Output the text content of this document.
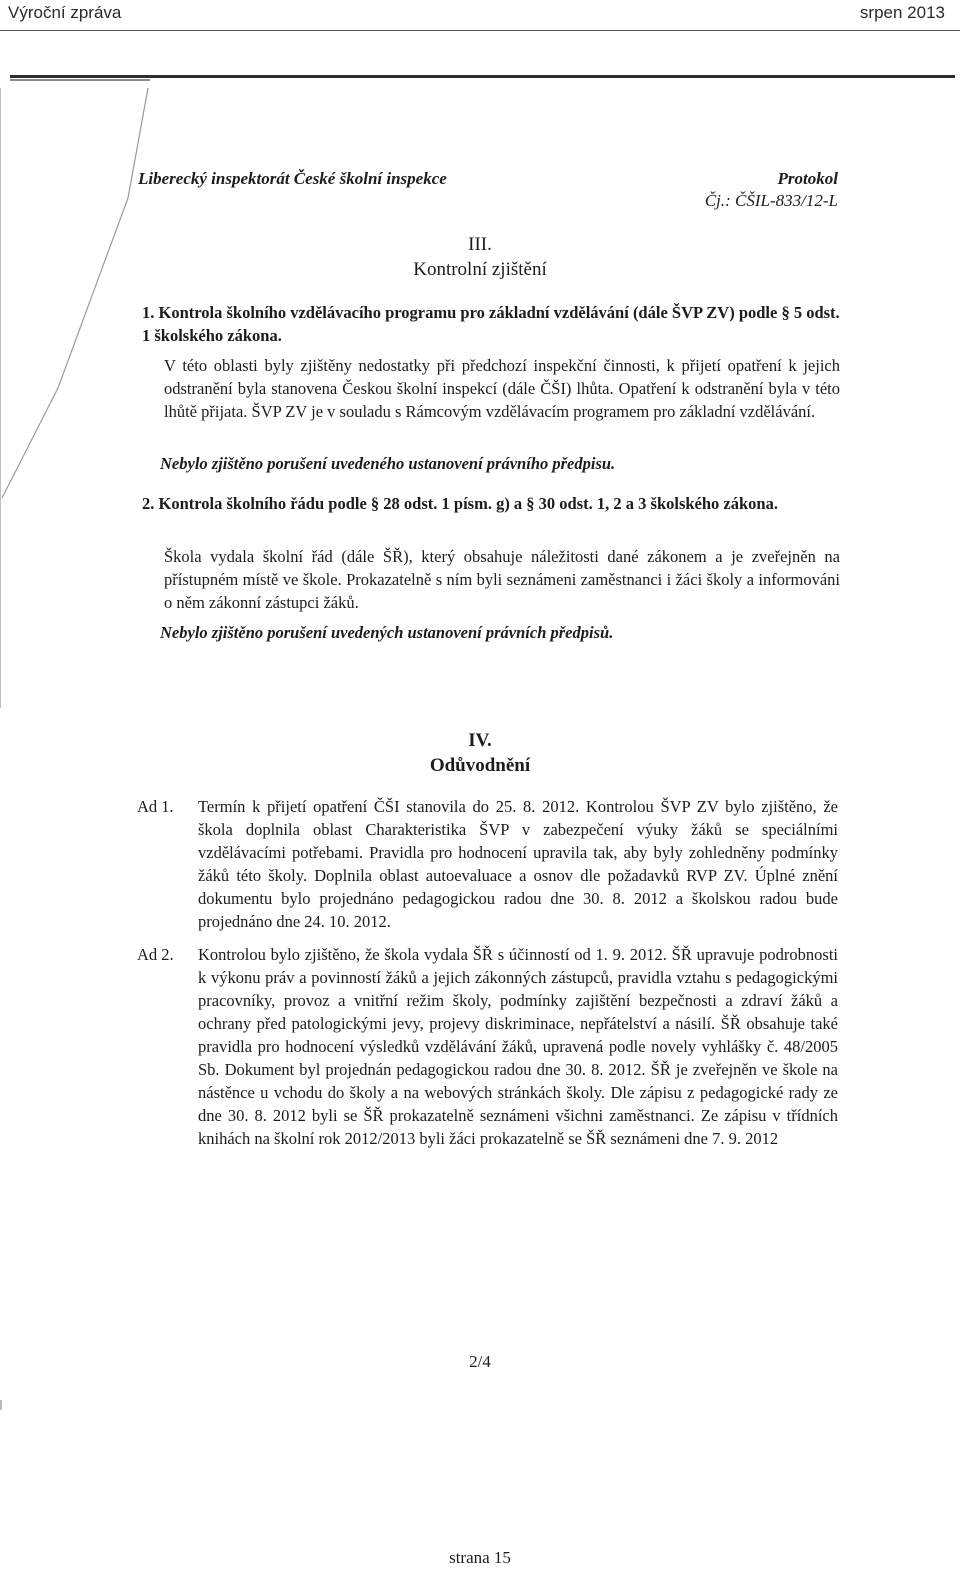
Výroční zpráva	srpen 2013
Liberecký inspektorát České školní inspekce	Protokol
Čj.: ČŠIL-833/12-L
III.
Kontrolní zjištění
1. Kontrola školního vzdělávacího programu pro základní vzdělávání (dále ŠVP ZV) podle § 5 odst. 1 školského zákona.
V této oblasti byly zjištěny nedostatky při předchozí inspekční činnosti, k přijetí opatření k jejich odstranění byla stanovena Českou školní inspekcí (dále ČŠI) lhůta. Opatření k odstranění byla v této lhůtě přijata. ŠVP ZV je v souladu s Rámcovým vzdělávacím programem pro základní vzdělávání.
Nebylo zjištěno porušení uvedeného ustanovení právního předpisu.
2. Kontrola školního řádu podle § 28 odst. 1 písm. g) a § 30 odst. 1, 2 a 3 školského zákona.
Škola vydala školní řád (dále ŠŘ), který obsahuje náležitosti dané zákonem a je zveřejněn na přístupném místě ve škole. Prokazatelně s ním byli seznámeni zaměstnanci i žáci školy a informováni o něm zákonní zástupci žáků.
Nebylo zjištěno porušení uvedených ustanovení právních předpisů.
IV.
Odůvodnění
Ad 1. Termín k přijetí opatření ČŠI stanovila do 25. 8. 2012. Kontrolou ŠVP ZV bylo zjištěno, že škola doplnila oblast Charakteristika ŠVP v zabezpečení výuky žáků se speciálními vzdělávacími potřebami. Pravidla pro hodnocení upravila tak, aby byly zohledněny podmínky žáků této školy. Doplnila oblast autoevaluace a osnov dle požadavků RVP ZV. Úplné znění dokumentu bylo projednáno pedagogickou radou dne 30. 8. 2012 a školskou radou bude projednáno dne 24. 10. 2012.
Ad 2. Kontrolou bylo zjištěno, že škola vydala ŠŘ s účinností od 1. 9. 2012. ŠŘ upravuje podrobnosti k výkonu práv a povinností žáků a jejich zákonných zástupců, pravidla vztahu s pedagogickými pracovníky, provoz a vnitřní režim školy, podmínky zajištění bezpečnosti a zdraví žáků a ochrany před patologickými jevy, projevy diskriminace, nepřátelství a násilí. ŠŘ obsahuje také pravidla pro hodnocení výsledků vzdělávání žáků, upravená podle novely vyhlášky č. 48/2005 Sb. Dokument byl projednán pedagogickou radou dne 30. 8. 2012. ŠŘ je zveřejněn ve škole na nástěnce u vchodu do školy a na webových stránkách školy. Dle zápisu z pedagogické rady ze dne 30. 8. 2012 byli se ŠŘ prokazatelně seznámeni všichni zaměstnanci. Ze zápisu v třídních knihách na školní rok 2012/2013 byli žáci prokazatelně se ŠŘ seznámeni dne 7. 9. 2012
2/4
strana 15
